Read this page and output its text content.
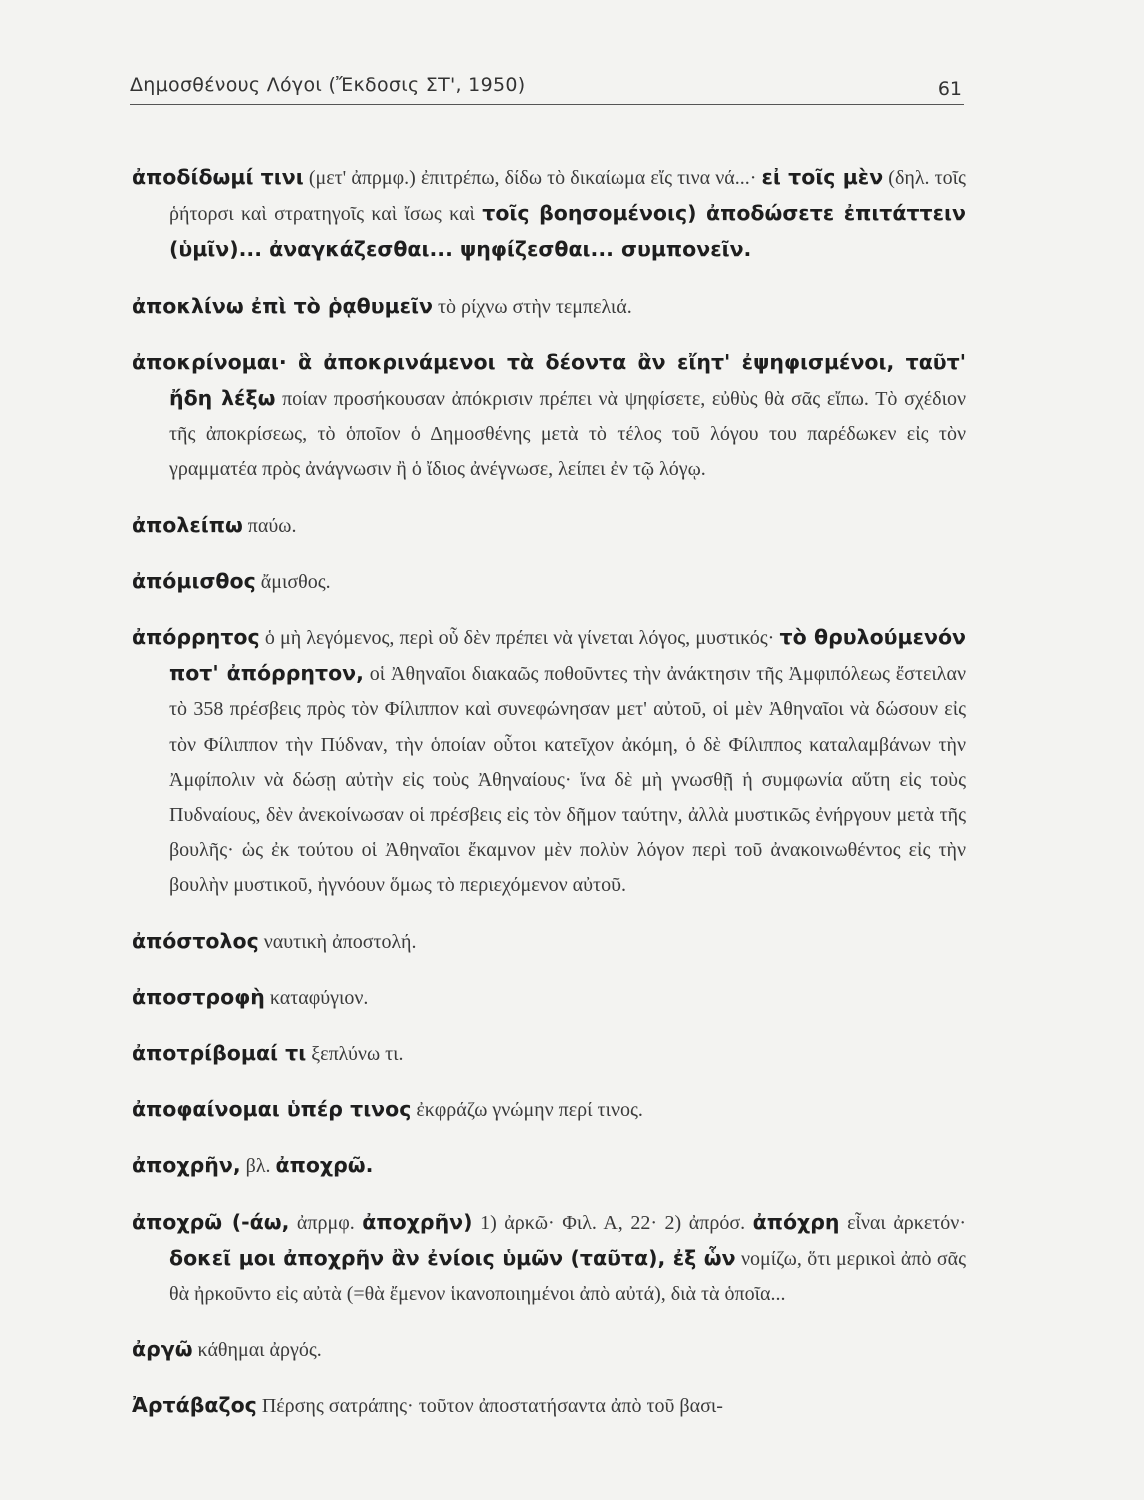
Δημοσθένους Λόγοι (Ἔκδοσις ΣΤ', 1950)	61

ἀποδίδωμί τινι (μετ' ἀπρμφ.) ἐπιτρέπω, δίδω τὸ δικαίωμα εἴς τινα νά...· εἰ τοῖς μὲν (δηλ. τοῖς ῥήτορσι καὶ στρατηγοῖς καὶ ἴσως καὶ τοῖς βοησομένοις) ἀποδώσετε ἐπιτάττειν (ὑμῖν)... ἀναγκάζεσθαι... ψηφίζεσθαι... συμπονεῖν.

ἀποκλίνω ἐπὶ τὸ ῥᾳθυμεῖν τὸ ρίχνω στὴν τεμπελιά.

ἀποκρίνομαι· ἃ ἀποκρινάμενοι τὰ δέοντα ἂν εἴητ' ἐψηφισμένοι, ταῦτ' ἤδη λέξω ποίαν προσήκουσαν ἀπόκρισιν πρέπει νὰ ψηφίσετε, εὐθὺς θὰ σᾶς εἴπω. Τὸ σχέδιον τῆς ἀποκρίσεως, τὸ ὁποῖον ὁ Δημοσθένης μετὰ τὸ τέλος τοῦ λόγου του παρέδωκεν εἰς τὸν γραμματέα πρὸς ἀνάγνωσιν ἢ ὁ ἴδιος ἀνέγνωσε, λείπει ἐν τῷ λόγῳ.

ἀπολείπω παύω.

ἀπόμισθος ἄμισθος.

ἀπόρρητος ὁ μὴ λεγόμενος, περὶ οὗ δὲν πρέπει νὰ γίνεται λόγος, μυστικός· τὸ θρυλούμενόν ποτ' ἀπόρρητον, οἱ Ἀθηναῖοι διακαῶς ποθοῦντες τὴν ἀνάκτησιν τῆς Ἀμφιπόλεως ἔστειλαν τὸ 358 πρέσβεις πρὸς τὸν Φίλιππον καὶ συνεφώνησαν μετ' αὐτοῦ, οἱ μὲν Ἀθηναῖοι νὰ δώσουν εἰς τὸν Φίλιππον τὴν Πύδναν, τὴν ὁποίαν οὗτοι κατεῖχον ἀκόμη, ὁ δὲ Φίλιππος καταλαμβάνων τὴν Ἀμφίπολιν νὰ δώσῃ αὐτὴν εἰς τοὺς Ἀθηναίους· ἵνα δὲ μὴ γνωσθῇ ἡ συμφωνία αὕτη εἰς τοὺς Πυδναίους, δὲν ἀνεκοίνωσαν οἱ πρέσβεις εἰς τὸν δῆμον ταύτην, ἀλλὰ μυστικῶς ἐνήργουν μετὰ τῆς βουλῆς· ὡς ἐκ τούτου οἱ Ἀθηναῖοι ἔκαμνον μὲν πολὺν λόγον περὶ τοῦ ἀνακοινωθέντος εἰς τὴν βουλὴν μυστικοῦ, ἠγνόουν ὅμως τὸ περιεχόμενον αὐτοῦ.

ἀπόστολος ναυτικὴ ἀποστολή.

ἀποστροφὴ καταφύγιον.

ἀποτρίβομαί τι ξεπλύνω τι.

ἀποφαίνομαι ὑπέρ τινος ἐκφράζω γνώμην περί τινος.

ἀποχρῆν, βλ. ἀποχρῶ.

ἀποχρῶ (-άω, ἀπρμφ. ἀποχρῆν) 1) ἀρκῶ· Φιλ. Α, 22· 2) ἀπρόσ. ἀπόχρη εἶναι ἀρκετόν· δοκεῖ μοι ἀποχρῆν ἂν ἐνίοις ὑμῶν (ταῦτα), ἐξ ὧν νομίζω, ὅτι μερικοὶ ἀπὸ σᾶς θὰ ἠρκοῦντο εἰς αὐτὰ (=θὰ ἔμενον ἱκανοποιημένοι ἀπὸ αὐτά), διὰ τὰ ὁποῖα...

ἀργῶ κάθημαι ἀργός.

Ἀρτάβαζος Πέρσης σατράπης· τοῦτον ἀποστατήσαντα ἀπὸ τοῦ βασι-
